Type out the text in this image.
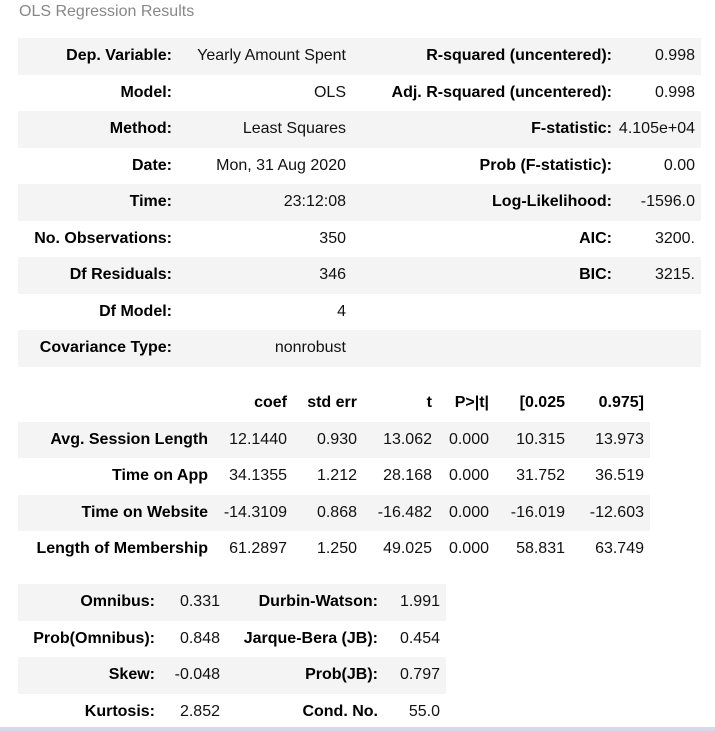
OLS Regression Results
Dep. Variable:	Yearly Amount Spent	R-squared (uncentered):	0.998
Model:	OLS	Adj. R-squared (uncentered):	0.998
Method:	Least Squares	F-statistic:	4.105e+04
Date:	Mon, 31 Aug 2020	Prob (F-statistic):	0.00
Time:	23:12:08	Log-Likelihood:	-1596.0
No. Observations:	350	AIC:	3200.
Df Residuals:	346	BIC:	3215.
Df Model:	4		
Covariance Type:	nonrobust		
	coef	std err	t	P>|t|	[0.025	0.975]
Avg. Session Length	12.1440	0.930	13.062	0.000	10.315	13.973
Time on App	34.1355	1.212	28.168	0.000	31.752	36.519
Time on Website	-14.3109	0.868	-16.482	0.000	-16.019	-12.603
Length of Membership	61.2897	1.250	49.025	0.000	58.831	63.749
Omnibus:	0.331	Durbin-Watson:	1.991
Prob(Omnibus):	0.848	Jarque-Bera (JB):	0.454
Skew:	-0.048	Prob(JB):	0.797
Kurtosis:	2.852	Cond. No.	55.0
